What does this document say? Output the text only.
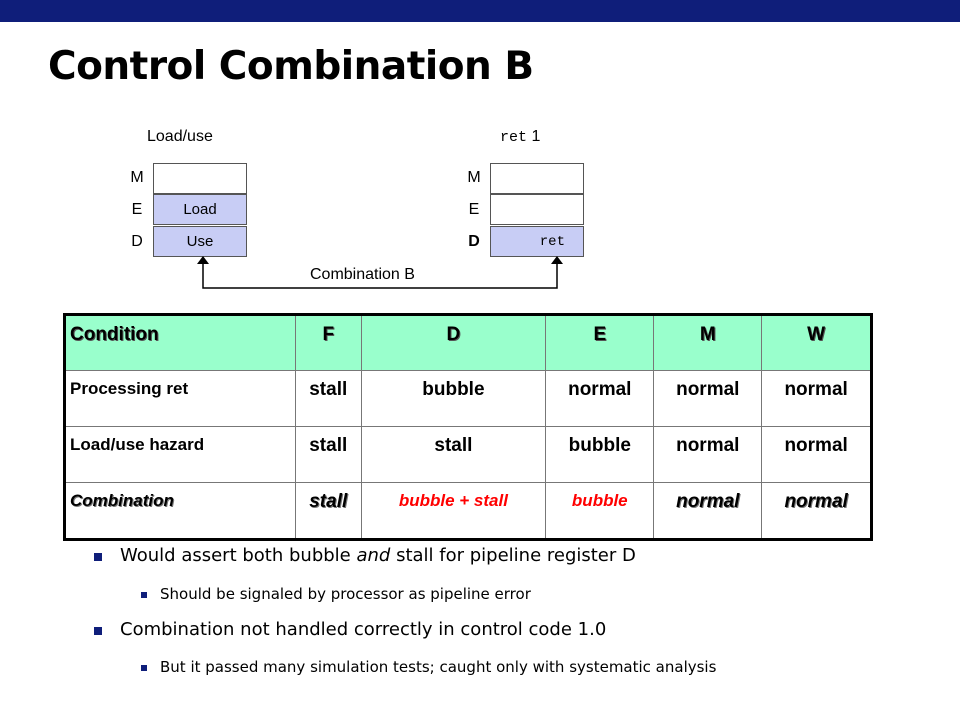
Control Combination B
Load/use
M
E
D
Load
Use
ret 1
M
E
D	ret
Combination B
Condition	F	D	E	M	W
Processing ret	stall	bubble	normal	normal	normal
Load/use hazard	stall	stall	bubble	normal	normal
Combination	stall	bubble + stall	bubble	normal	normal
Would assert both bubble and stall for pipeline register D
Should be signaled by processor as pipeline error
Combination not handled correctly in control code 1.0
But it passed many simulation tests; caught only with systematic analysis
